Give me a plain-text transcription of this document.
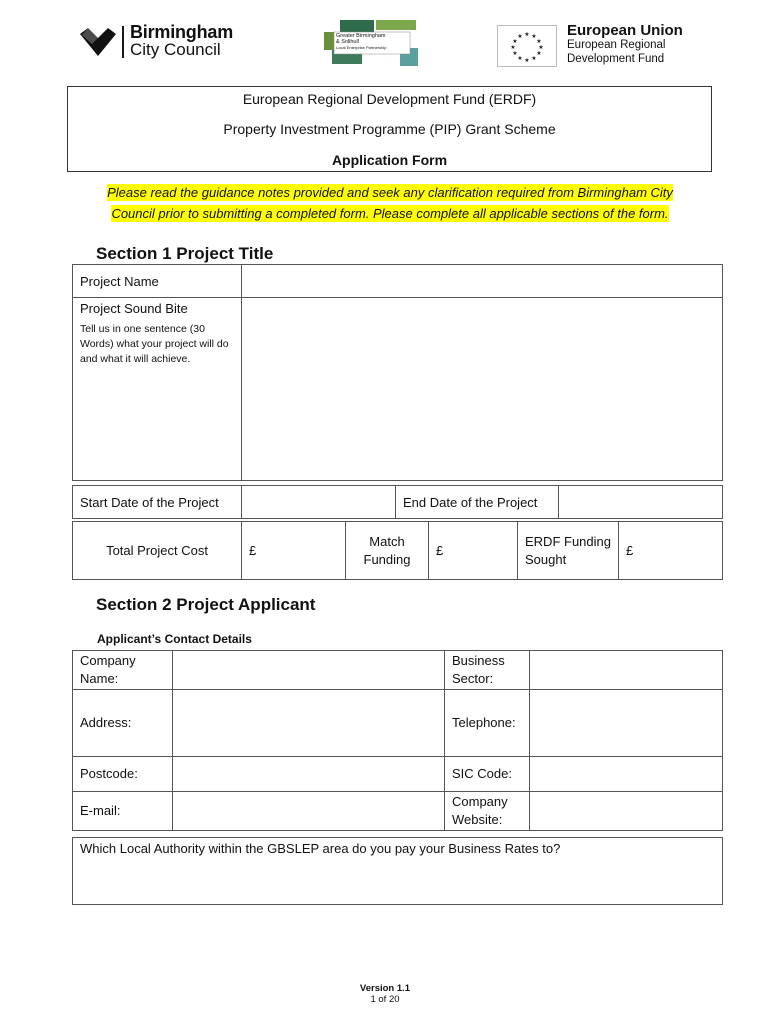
Birmingham
City Council
Greater Birmingham
& Solihull
Local Enterprise Partnership
★ ★
★
★
★
★
★
★
★
★
★
★	European Union
European Regional
Development Fund
European Regional Development Fund (ERDF)
Property Investment Programme (PIP) Grant Scheme
Application Form
Please read the guidance notes provided and seek any clarification required from Birmingham City
Council prior to submitting a completed form. Please complete all applicable sections of the form.
Section 1 Project Title
Project Name	

Project Sound Bite
Tell us in one sentence (30 Words) what your project will do and what it will achieve.	

Start Date of the Project		End Date of the Project	
Total Project Cost	£	Match Funding	£	ERDF Funding Sought	£
Section 2 Project Applicant
Applicant’s Contact Details
Company Name:		Business Sector:	
Address:		Telephone:	
Postcode:		SIC Code:	
E-mail:		Company Website:	
Which Local Authority within the GBSLEP area do you pay your Business Rates to?
Version 1.1
1 of 20
